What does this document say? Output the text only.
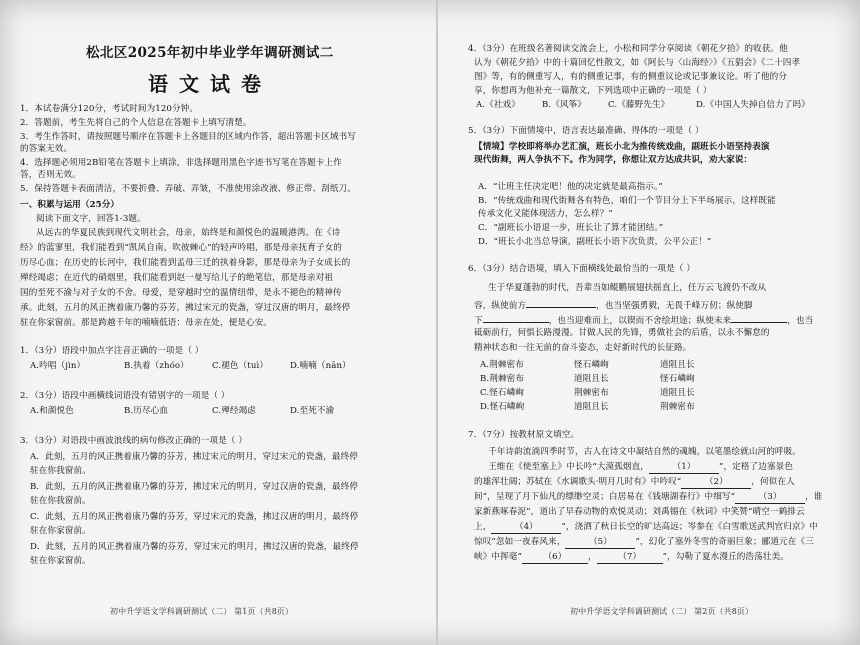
松北区2025年初中毕业学年调研测试二
语文试卷
1．本试卷满分120分，考试时间为120分钟。
2．答题前，考生先将自己的个人信息在答题卡上填写清楚。
3．考生作答时，请按照题号顺序在答题卡上各题目的区域内作答，超出答题卡区域书写
的答案无效。
4．选择题必须用2B铅笔在答题卡上填涂，非选择题用黑色字迹书写笔在答题卡上作
答，否则无效。
5．保持答题卡表面清洁，不要折叠、弄破、弄皱，不准使用涂改液、修正带、刮纸刀。
一、积累与运用（25分）
阅读下面文字，回答1-3题。
从远古的华夏民族到现代文明社会，母亲，始终是和颜悦色的温暖港湾。在《诗
经》的蓝寥里，我们能看到“凯风自南，吹彼棘心”的轻声吟唱，那是母亲抚育子女的
历尽心血；在历史的长河中，我们能看到孟母三迁的执着身影，那是母亲为子女成长的
殚经竭虑；在近代的硝烟里，我们能看到赵一曼写给儿子的绝笔信，那是母亲对祖
国的至死不渝与对子女的不舍。母爱，是穿越时空的温情纽带，是永不褪色的精神传
承。此刻，五月的风正携着康乃馨的芬芳，拂过宋元的瓷盏，穿过汉唐的明月，最终停
驻在你家窗前。那是跨越千年的喃喃低语：母亲在处，便是心安。
1．（3分）语段中加点字注音正确的一项是（ ）
A.吟唱（jìn）	B.执着（zhóo）	C.褪色（tuì）	D.喃喃（nān）
2．（3分）语段中画横线词语没有错别字的一项是（ ）
A.和颜悦色	B.历尽心血	C.殚经竭虑	D.至死不渝
3．（3分）对语段中画波浪线的病句修改正确的一项是（ ）
A．此刻，五月的风正携着康乃馨的芬芳，拂过宋元的明月，穿过宋元的瓷盏，最终停
驻在你我窗前。
B．此刻，五月的风正携着康乃馨的芬芳，拂过宋元的明月，穿过汉唐的瓷盏，最终停
驻在你我窗前。
C．此刻，五月的风正携着康乃馨的芬芳，穿过宋元的瓷盏，拂过汉唐的明月，最终停
驻在你家窗前。
D．此刻，五月的风正携着康乃馨的芬芳，穿过宋元的明月，拂过汉唐的瓷盏，最终停
驻在你家窗前。
初中升学语文学科调研测试（二） 第1页（共8页）
4．（3分）在班级名著阅读交流会上，小松和同学分享阅读《朝花夕拾》的收获。他
认为《朝花夕拾》中的十篇回忆性散文，如《阿长与〈山海经〉》《五猖会》《二十四孝
图》等，有的侧重写人，有的侧重记事，有的侧重议论或记事兼议论。听了他的分
享，你想再为他补充一篇散文，下列选项中正确的一项是（ ）
A.《社戏》	B.《风筝》	C.《藤野先生》	D.《中国人失掉自信力了吗》
5．（3分）下面情境中，语言表达最准确、得体的一项是（ ）
【情境】学校即将举办艺汇演，班长小北为推传统戏曲，副班长小语坚持表演
现代街舞，两人争执不下。作为同学，你想让双方达成共识，劝大家说：
A．“让班主任决定吧！他的决定就是最高指示。”
B．“传统戏曲和现代街舞各有特色，咱们一个节目分上下半场展示，这样既能
传承文化又能体现活力，怎么样？”
C．“副班长小语退一步，班长让了算才能团结。”
D．“班长小北当总导演，副班长小语下次负责，公平公正！”
6．（3分）结合语境，填入下面横线处最恰当的一项是（ ）
生于华夏蓬勃的时代，吾辈当如鲲鹏展翅扶摇直上，任万云飞渡仍不改从
容，纵使前方	，也当坚强勇毅，无畏千峰万仞；纵使脚
下	，也当迎难而上，以锲而不舍绘坦途；纵使未来	，也当
砥砺前行，何惧长路漫漫。甘做人民的先锋，勇做社会的后盾，以永不懈怠的
精神状态和一往无前的奋斗姿态，走好新时代的长征路。
A.荆棘密布	怪石嶙峋	道阻且长
B.荆棘密布	道阻且长	怪石嶙峋
C.怪石嶙峋	荆棘密布	道阻且长
D.怪石嶙峋	道阻且长	荆棘密布
7．（7分）按教材原文填空。
千年诗韵流淌四季时节，古人在诗文中凝结自然的魂魄，以笔墨绘就山河的呼吸。
王维在《使至塞上》中长吟“大漠孤烟直，	（1）	”，定格了边塞景色
的雄浑壮阔；苏轼在《水调歌头·明月几时有》中吟叹“	（2）	，何似在人
间”，呈现了月下仙凡的缥缈空灵；白居易在《钱塘湖春行》中细写“	（3）	，谁
家新燕啄春泥”，道出了早春动物的欢悦灵动；刘禹锡在《秋词》中笑赞“晴空一鹤排云
上，	（4）	”，浇洒了秋日长空的旷达高远；岑参在《白雪歌送武判官归京》中
惊叹“忽如一夜春风来，	（5）	”，幻化了塞外冬雪的奇丽巨象；郦道元在《三
峡》中挥毫“	（6）	，	（7）	”，勾勒了夏水漫丘的浩荡壮美。
初中升学语文学科调研测试（二） 第2页（共8页）
